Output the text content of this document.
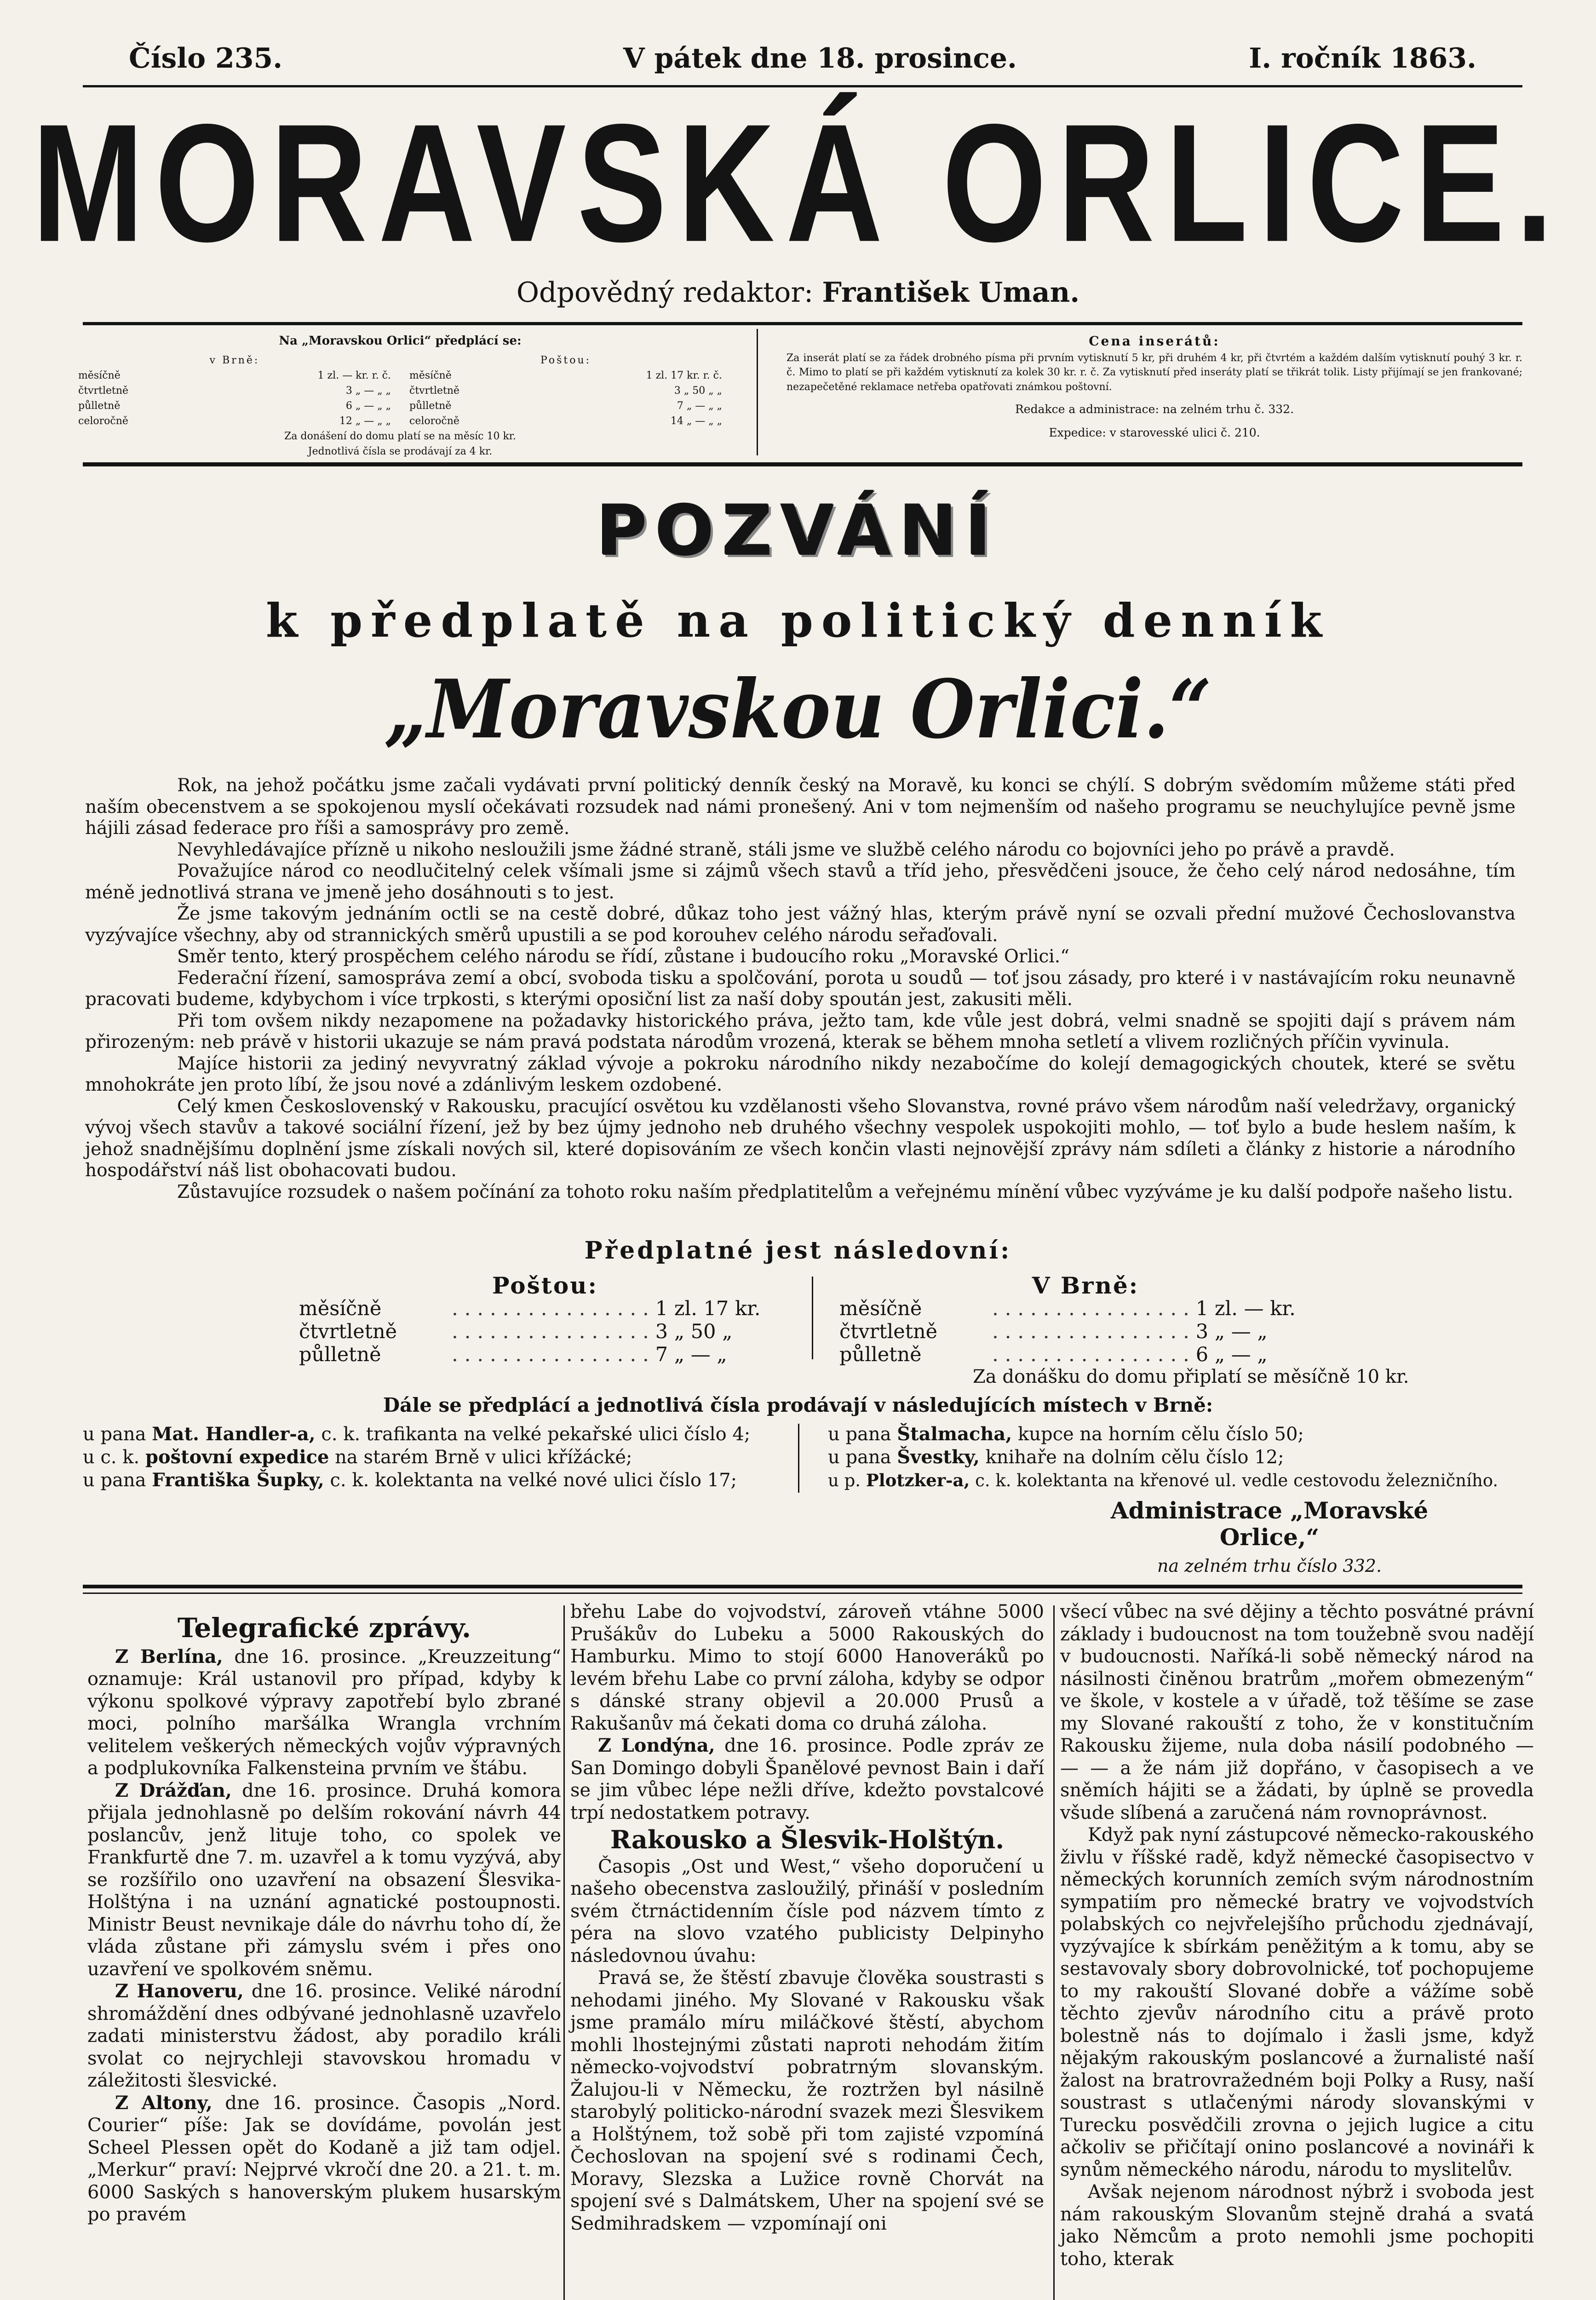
Číslo 235.	V pátek dne 18. prosince.	I. ročník 1863.
MORAVSKÁ ORLICE.
Odpovědný redaktor: František Uman.
Na „Moravskou Orlici“ předplácí se:
v Brně:
měsíčně	1 zl. — kr. r. č.
čtvrtletně	3 „ — „ „
půlletně	6 „ — „ „
celoročně	12 „ — „ „
Poštou:
měsíčně	1 zl. 17 kr. r. č.
čtvrtletně	3 „ 50 „ „
půlletně	7 „ — „ „
celoročně	14 „ — „ „
Za donášení do domu platí se na měsíc 10 kr.
Jednotlivá čísla se prodávají za 4 kr.
Cena inserátů:
Za inserát platí se za řádek drobného písma při prvním vytisknutí 5 kr, při druhém 4 kr, při čtvrtém a každém dalším vytisknutí pouhý 3 kr. r. č. Mimo to platí se při každém vytisknutí za kolek 30 kr. r. č. Za vytisknutí před inseráty platí se třikrát tolik. Listy přijímají se jen frankované; nezapečetěné reklamace netřeba opatřovati známkou poštovní.
Redakce a administrace: na zelném trhu č. 332.
Expedice: v starovesské ulici č. 210.
POZVÁNÍ
k předplatě na politický denník
„Moravskou Orlici.“

Rok, na jehož počátku jsme začali vydávati první politický denník český na Moravě, ku konci se chýlí. S dobrým svědomím můžeme státi před naším obecenstvem a se spokojenou myslí očekávati rozsudek nad námi pronešený. Ani v tom nejmenším od našeho programu se neuchylujíce pevně jsme hájili zásad federace pro říši a samosprávy pro země.

Nevyhledávajíce přízně u nikoho nesloužili jsme žádné straně, stáli jsme ve službě celého národu co bojovníci jeho po právě a pravdě.

Považujíce národ co neodlučitelný celek všímali jsme si zájmů všech stavů a tříd jeho, přesvědčeni jsouce, že čeho celý národ nedosáhne, tím méně jednotlivá strana ve jmeně jeho dosáhnouti s to jest.

Že jsme takovým jednáním octli se na cestě dobré, důkaz toho jest vážný hlas, kterým právě nyní se ozvali přední mužové Čechoslovanstva vyzývajíce všechny, aby od strannických směrů upustili a se pod korouhev celého národu seřaďovali.

Směr tento, který prospěchem celého národu se řídí, zůstane i budoucího roku „Moravské Orlici.“

Federační řízení, samospráva zemí a obcí, svoboda tisku a spolčování, porota u soudů — toť jsou zásady, pro které i v nastávajícím roku neunavně pracovati budeme, kdybychom i více trpkosti, s kterými oposiční list za naší doby spoután jest, zakusiti měli.

Při tom ovšem nikdy nezapomene na požadavky historického práva, ježto tam, kde vůle jest dobrá, velmi snadně se spojiti dají s právem nám přirozeným: neb právě v historii ukazuje se nám pravá podstata národům vrozená, kterak se během mnoha setletí a vlivem rozličných příčin vyvinula.

Majíce historii za jediný nevyvratný základ vývoje a pokroku národního nikdy nezabočíme do kolejí demagogických choutek, které se světu mnohokráte jen proto líbí, že jsou nové a zdánlivým leskem ozdobené.

Celý kmen Československý v Rakousku, pracující osvětou ku vzdělanosti všeho Slovanstva, rovné právo všem národům naší veledržavy, organický vývoj všech stavův a takové sociální řízení, jež by bez újmy jednoho neb druhého všechny vespolek uspokojiti mohlo, — toť bylo a bude heslem naším, k jehož snadnějšímu doplnění jsme získali nových sil, které dopisováním ze všech končin vlasti nejnovější zprávy nám sdíleti a články z historie a národního hospodářství náš list obohacovati budou.

Zůstavujíce rozsudek o našem počínání za tohoto roku naším předplatitelům a veřejnému mínění vůbec vyzýváme je ku další podpoře našeho listu.

Předplatné jest následovní:
Poštou:
měsíčně	................ 1 zl. 17 kr.
čtvrtletně	................ 3 „ 50 „
půlletně	................ 7 „ — „
V Brně:
měsíčně	................ 1 zl. — kr.
čtvrtletně	................ 3 „ — „
půlletně	................ 6 „ — „
Za donášku do domu připlatí se měsíčně 10 kr.
Dále se předplácí a jednotlivá čísla prodávají v následujících místech v Brně:
u pana Mat. Handler-a, c. k. trafikanta na velké pekařské ulici číslo 4;
u c. k. poštovní expedice na starém Brně v ulici křížácké;
u pana Františka Šupky, c. k. kolektanta na velké nové ulici číslo 17;
u pana Štalmacha, kupce na horním cělu číslo 50;
u pana Švestky, knihaře na dolním cělu číslo 12;
u p. Plotzker-a, c. k. kolektanta na křenové ul. vedle cestovodu železničního.
Administrace „Moravské Orlice,“
na zelném trhu číslo 332.
Telegrafické zprávy.

Z Berlína, dne 16. prosince. „Kreuzzeitung“ oznamuje: Král ustanovil pro případ, kdyby k výkonu spolkové výpravy zapotřebí bylo zbrané moci, polního maršálka Wrangla vrchním velitelem veškerých německých vojův výpravných a podplukovníka Falkensteina prvním ve štábu.

Z Drážďan, dne 16. prosince. Druhá komora přijala jednohlasně po delším rokování návrh 44 poslancův, jenž lituje toho, co spolek ve Frankfurtě dne 7. m. uzavřel a k tomu vyzývá, aby se rozšířilo ono uzavření na obsazení Šlesvika-Holštýna i na uznání agnatické postoupnosti. Ministr Beust nevnikaje dále do návrhu toho dí, že vláda zůstane při zámyslu svém i přes ono uzavření ve spolkovém sněmu.

Z Hanoveru, dne 16. prosince. Veliké národní shromáždění dnes odbývané jednohlasně uzavřelo zadati ministerstvu žádost, aby poradilo králi svolat co nejrychleji stavovskou hromadu v záležitosti šlesvické.

Z Altony, dne 16. prosince. Časopis „Nord. Courier“ píše: Jak se dovídáme, povolán jest Scheel Plessen opět do Kodaně a již tam odjel. „Merkur“ praví: Nejprvé vkročí dne 20. a 21. t. m. 6000 Saských s hanoverským plukem husarským po pravém

břehu Labe do vojvodství, zároveň vtáhne 5000 Prušákův do Lubeku a 5000 Rakouských do Hamburku. Mimo to stojí 6000 Hanoveráků po levém břehu Labe co první záloha, kdyby se odpor s dánské strany objevil a 20.000 Prusů a Rakušanův má čekati doma co druhá záloha.

Z Londýna, dne 16. prosince. Podle zpráv ze San Domingo dobyli Španělové pevnost Bain i daří se jim vůbec lépe nežli dříve, kdežto povstalcové trpí nedostatkem potravy.

Rakousko a Šlesvik-Holštýn.

Časopis „Ost und West,“ všeho doporučení u našeho obecenstva zasloužilý, přináší v posledním svém čtrnáctidenním čísle pod názvem tímto z péra na slovo vzatého publicisty Delpinyho následovnou úvahu:

Pravá se, že štěstí zbavuje člověka soustrasti s nehodami jiného. My Slované v Rakousku však jsme pramálo míru miláčkové štěstí, abychom mohli lhostejnými zůstati naproti nehodám žitím německo-vojvodství pobratrným slovanským. Žalujou-li v Německu, že roztržen byl násilně starobylý politicko-národní svazek mezi Šlesvikem a Holštýnem, tož sobě při tom zajisté vzpomíná Čechoslovan na spojení své s rodinami Čech, Moravy, Slezska a Lužice rovně Chorvát na spojení své s Dalmátskem, Uher na spojení své se Sedmihradskem — vzpomínají oni

všecí vůbec na své dějiny a těchto posvátné právní základy i budoucnost na tom toužebně svou nadějí v budoucnosti. Naříká-li sobě německý národ na násilnosti činěnou bratrům „mořem obmezeným“ ve škole, v kostele a v úřadě, tož těšíme se zase my Slované rakouští z toho, že v konstitučním Rakousku žijeme, nula doba násilí podobného — — — a že nám již dopřáno, v časopisech a ve sněmích hájiti se a žádati, by úplně se provedla všude slíbená a zaručená nám rovnoprávnost.

Když pak nyní zástupcové německo-rakouského živlu v říšské radě, když německé časopisectvo v německých korunních zemích svým národnostním sympatiím pro německé bratry ve vojvodstvích polabských co nejvřelejšího průchodu zjednávají, vyzývajíce k sbírkám peněžitým a k tomu, aby se sestavovaly sbory dobrovolnické, toť pochopujeme to my rakouští Slované dobře a vážíme sobě těchto zjevův národního citu a právě proto bolestně nás to dojímalo i žasli jsme, když nějakým rakouským poslancové a žurnalisté naší žalost na bratrovražedném boji Polky a Rusy, naší soustrast s utlačenými národy slovanskými v Turecku posvědčili zrovna o jejich lugice a citu ačkoliv se přičítají onino poslancové a novináři k synům německého národu, národu to myslitelův.

Avšak nejenom národnost nýbrž i svoboda jest nám rakouským Slovanům stejně drahá a svatá jako Němcům a proto nemohli jsme pochopiti toho, kterak
